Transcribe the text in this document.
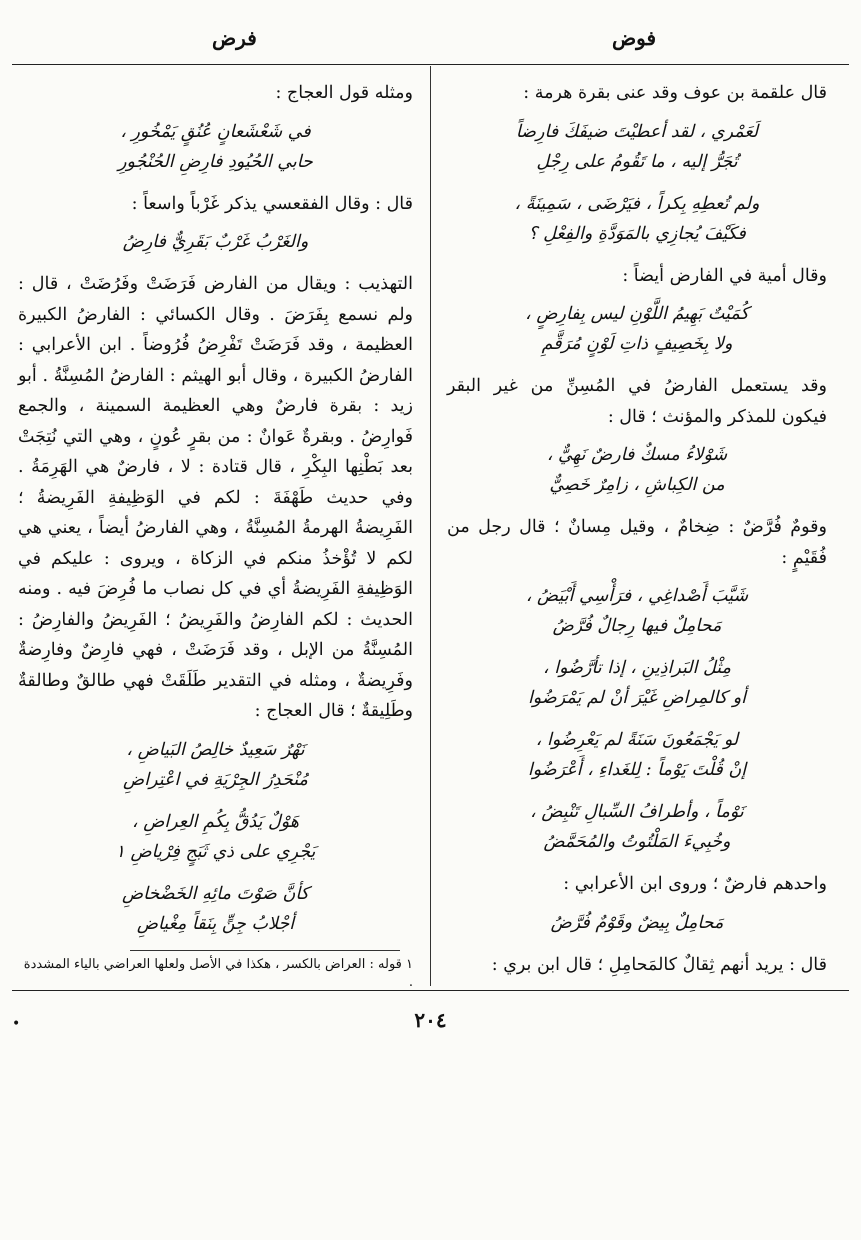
فوض
فرض
قال علقمة بن عوف وقد عنى بقرة هرمة :
لَعَمْري ، لقد أعطيْتَ ضيفَكَ فارِضاً
تُجَرُّ إليه ، ما تَقُومُ على رِجْلِ
ولم تُعطِهِ بِكراً ، فيَرْضَى ، سَمِينَةً ،
فكَيْفَ يُجازِي بالمَوَدَّةِ والفِعْلِ ؟
وقال أمية في الفارض أيضاً :
كُمَيْتٌ بَهِيمُ اللَّوْنِ ليس بِفارِضٍ ،
ولا بِخَصِيفٍ ذاتِ لَوْنٍ مُرَقَّمِ
وقد يستعمل الفارضُ في المُسِنِّ من غير البقر فيكون للمذكر والمؤنث ؛ قال :
شَوْلاءُ مسكٌ فارضٌ نَهِيٌّ ،
من الكِباشِ ، زامِرٌ خَصِيٌّ
وقومٌ فُرَّضٌ : ضِخامٌ ، وقيل مِسانٌ ؛ قال رجل من فُقَيْمٍ :
شَيَّبَ أَصْداغِي ، فرَأْسِي أَبْيَضُ ،
مَحامِلٌ فيها رِجالٌ فُرَّضُ
مِثْلُ البَراذِينِ ، إذا تأرَّضُوا ،
أو كالمِراضِ غَيْرَ أنْ لم يَمْرَضُوا
لو يَجْمَعُونَ سَنَةً لم يَعْرِضُوا ،
إنْ قُلْتَ يَوْماً : لِلغَداءِ ، أَعْرَضُوا
نَوْماً ، وأطرافُ السِّبالِ تَنْبِضُ ،
وخُبِيءَ المَلْتُوتُ والمُحَمَّضُ
واحدهم فارضٌ ؛ وروى ابن الأعرابي :
مَحامِلٌ بِيضٌ وقَوْمٌ فُرَّضُ
قال : يريد أنهم ثِقالٌ كالمَحامِلِ ؛ قال ابن بري :
ومثله قول العجاج :
في شَعْشَعانٍ عُنُقٍ يَمْخُورِ ،
حابي الحُيُودِ فارِضِ الحُنْجُورِ
قال : وقال الفقعسي يذكر غَرْباً واسعاً :
والغَرْبُ غَرْبٌ بَقَرِيٌّ فارِضُ
التهذيب : ويقال من الفارض فَرَضَتْ وفَرُضَتْ ، قال : ولم نسمع بِفَرَضَ . وقال الكسائي : الفارضُ الكبيرة العظيمة ، وقد فَرَضَتْ تَفْرِضُ فُرُوضاً . ابن الأعرابي : الفارضُ الكبيرة ، وقال أبو الهيثم : الفارضُ المُسِنَّةُ . أبو زيد : بقرة فارضٌ وهي العظيمة السمينة ، والجمع فَوارِضُ . وبقرةٌ عَوانٌ : من بقرٍ عُونٍ ، وهي التي نُتِجَتْ بعد بَطْنِها البِكْرِ ، قال قتادة : لا ، فارضٌ هي الهَرِمَةُ . وفي حديث طَهْفَةَ : لكم في الوَظِيفةِ الفَرِيضةُ ؛ الفَرِيضةُ الهرمةُ المُسِنَّةُ ، وهي الفارضُ أيضاً ، يعني هي لكم لا تُؤْخذُ منكم في الزكاة ، ويروى : عليكم في الوَظِيفةِ الفَرِيضةُ أي في كل نصاب ما فُرِضَ فيه . ومنه الحديث : لكم الفارِضُ والفَرِيضُ ؛ الفَرِيضُ والفارِضُ : المُسِنَّةُ من الإبل ، وقد فَرَضَتْ ، فهي فارِضٌ وفارِضةٌ وفَرِيضةٌ ، ومثله في التقدير طَلَقَتْ فهي طالقٌ وطالقةٌ وطَلِيقةٌ ؛ قال العجاج :
نَهْرٌ سَعِيدٌ خالِصُ البَياضِ ،
مُنْحَدِرُ الجِرْيَةِ في اعْتِراضِ
هَوْلٌ يَدُقُّ بِكُمِ العِراضِ ،
يَجْرِي على ذي ثَبَجٍ فِرْياضِ ١
كأنَّ صَوْتَ مائِهِ الخَضْخاضِ
أجْلابُ جِنٍّ بِنَقاً مِغْياضِ
١ قوله : العراض بالكسر ، هكذا في الأصل ولعلها العراضي بالياء المشددة .
٢٠٤
•
